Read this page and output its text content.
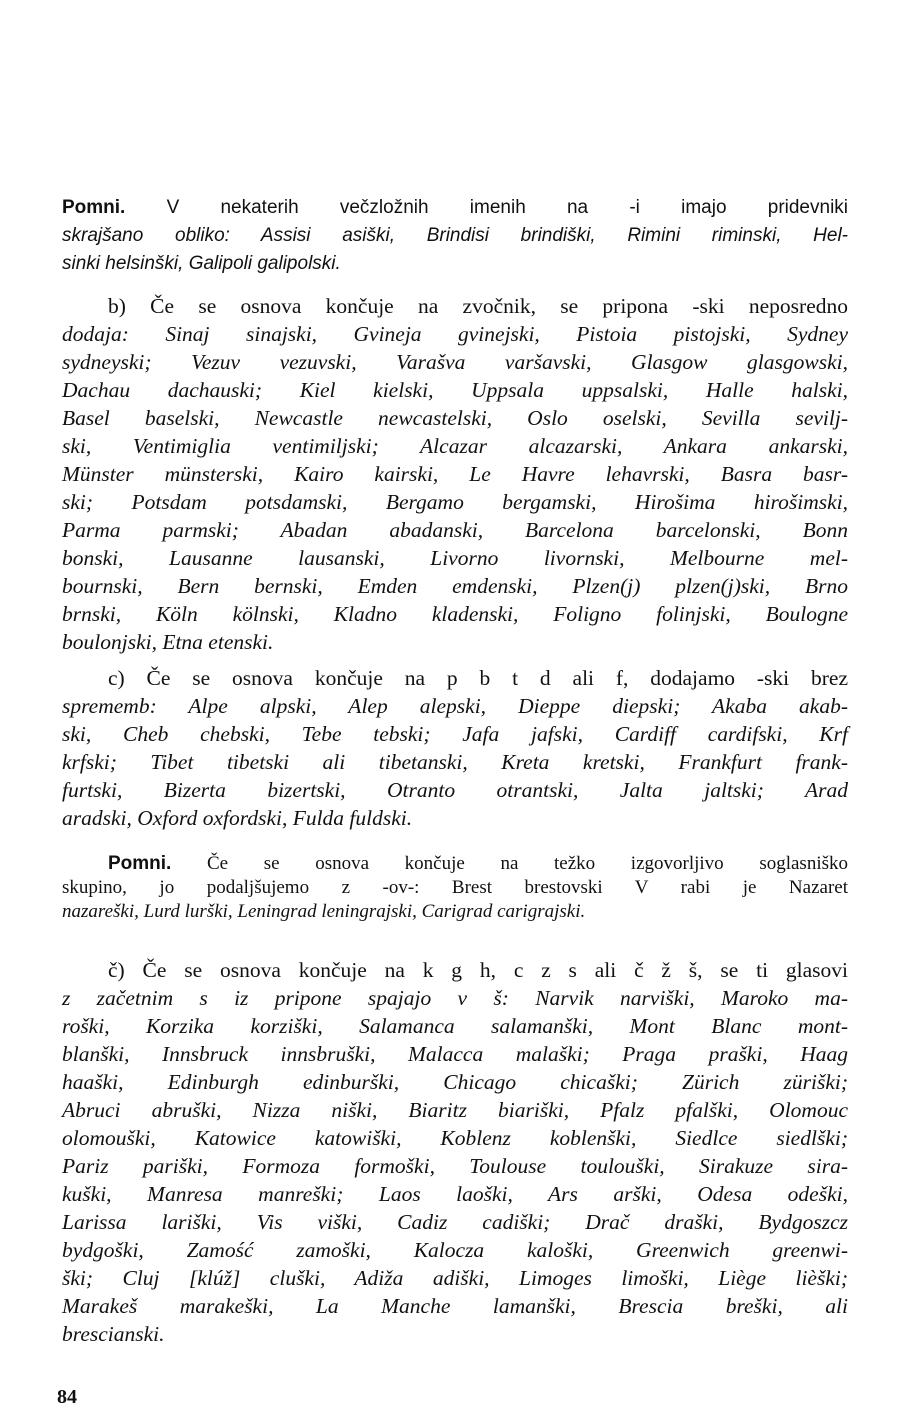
Pomni. V nekaterih večzložnih imenih na -i imajo pridevniki
skrajšano obliko: Assisi asiški, Brindisi brindiški, Rimini riminski, Hel-
sinki helsinški, Galipoli galipolski.
b) Če se osnova končuje na zvočnik, se pripona -ski neposredno
dodaja: Sinaj sinajski, Gvineja gvinejski, Pistoia pistojski, Sydney
sydneyski; Vezuv vezuvski, Varašva varšavski, Glasgow glasgowski,
Dachau dachauski; Kiel kielski, Uppsala uppsalski, Halle halski,
Basel baselski, Newcastle newcastelski, Oslo oselski, Sevilla sevilj-
ski, Ventimiglia ventimiljski; Alcazar alcazarski, Ankara ankarski,
Münster münsterski, Kairo kairski, Le Havre lehavrski, Basra basr-
ski; Potsdam potsdamski, Bergamo bergamski, Hirošima hirošimski,
Parma parmski; Abadan abadanski, Barcelona barcelonski, Bonn
bonski, Lausanne lausanski, Livorno livornski, Melbourne mel-
bournski, Bern bernski, Emden emdenski, Plzen(j) plzen(j)ski, Brno
brnski, Köln kölnski, Kladno kladenski, Foligno folinjski, Boulogne
boulonjski, Etna etenski.
c) Če se osnova končuje na p b t d ali f, dodajamo -ski brez
sprememb: Alpe alpski, Alep alepski, Dieppe diepski; Akaba akab-
ski, Cheb chebski, Tebe tebski; Jafa jafski, Cardiff cardifski, Krf
krfski; Tibet tibetski ali tibetanski, Kreta kretski, Frankfurt frank-
furtski, Bizerta bizertski, Otranto otrantski, Jalta jaltski; Arad
aradski, Oxford oxfordski, Fulda fuldski.
Pomni. Če se osnova končuje na težko izgovorljivo soglasniško
skupino, jo podaljšujemo z -ov-: Brest brestovski V rabi je Nazaret
nazareški, Lurd lurški, Leningrad leningrajski, Carigrad carigrajski.
č) Če se osnova končuje na k g h, c z s ali č ž š, se ti glasovi
z začetnim s iz pripone spajajo v š: Narvik narviški, Maroko ma-
roški, Korzika korziški, Salamanca salamanški, Mont Blanc mont-
blanški, Innsbruck innsbruški, Malacca malaški; Praga praški, Haag
haaški, Edinburgh edinburški, Chicago chicaški; Zürich züriški;
Abruci abruški, Nizza niški, Biaritz biariški, Pfalz pfalški, Olomouc
olomouški, Katowice katowiški, Koblenz koblenški, Siedlce siedlški;
Pariz pariški, Formoza formoški, Toulouse toulouški, Sirakuze sira-
kuški, Manresa manreški; Laos laoški, Ars arški, Odesa odeški,
Larissa lariški, Vis viški, Cadiz cadiški; Drač draški, Bydgoszcz
bydgoški, Zamość zamoški, Kalocza kaloški, Greenwich greenwi-
ški; Cluj [klúž] cluški, Adiža adiški, Limoges limoški, Liège lièški;
Marakeš marakeški, La Manche lamanški, Brescia breški, ali
brescianski.
84
